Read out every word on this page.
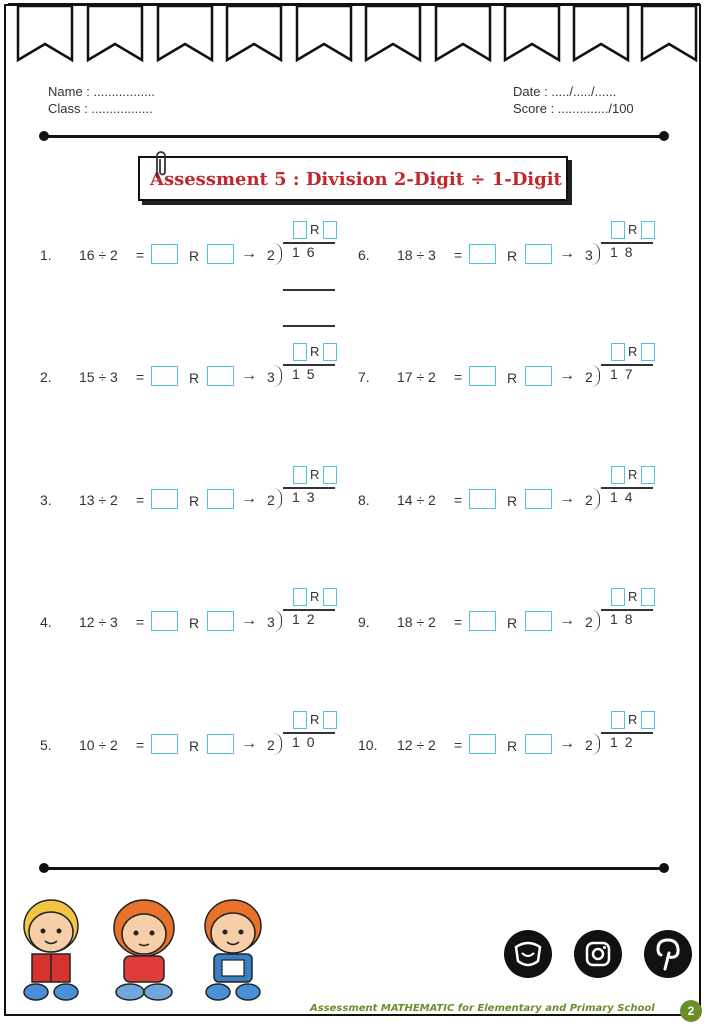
Name : .................
Class : .................
Date : ...../...../......
Score : ............../100
Assessment 5 : Division 2-Digit ÷ 1-Digit
1. 16 ÷ 2 =	R	→ 2 16
R
2. 15 ÷ 3 =	R	→ 3 15
R
3. 13 ÷ 2 =	R	→ 2 13
R
4. 12 ÷ 3 =	R	→ 3 12
R
5. 10 ÷ 2 =	R	→ 2 10
R
6. 18 ÷ 3 =	R	→ 3 18
R
7. 17 ÷ 2 =	R	→ 2 17
R
8. 14 ÷ 2 =	R	→ 2 14
R
9. 18 ÷ 2 =	R	→ 2 18
R
10. 12 ÷ 2 =	R	→ 2 12
R
Assessment MATHEMATIC for Elementary and Primary School	2
